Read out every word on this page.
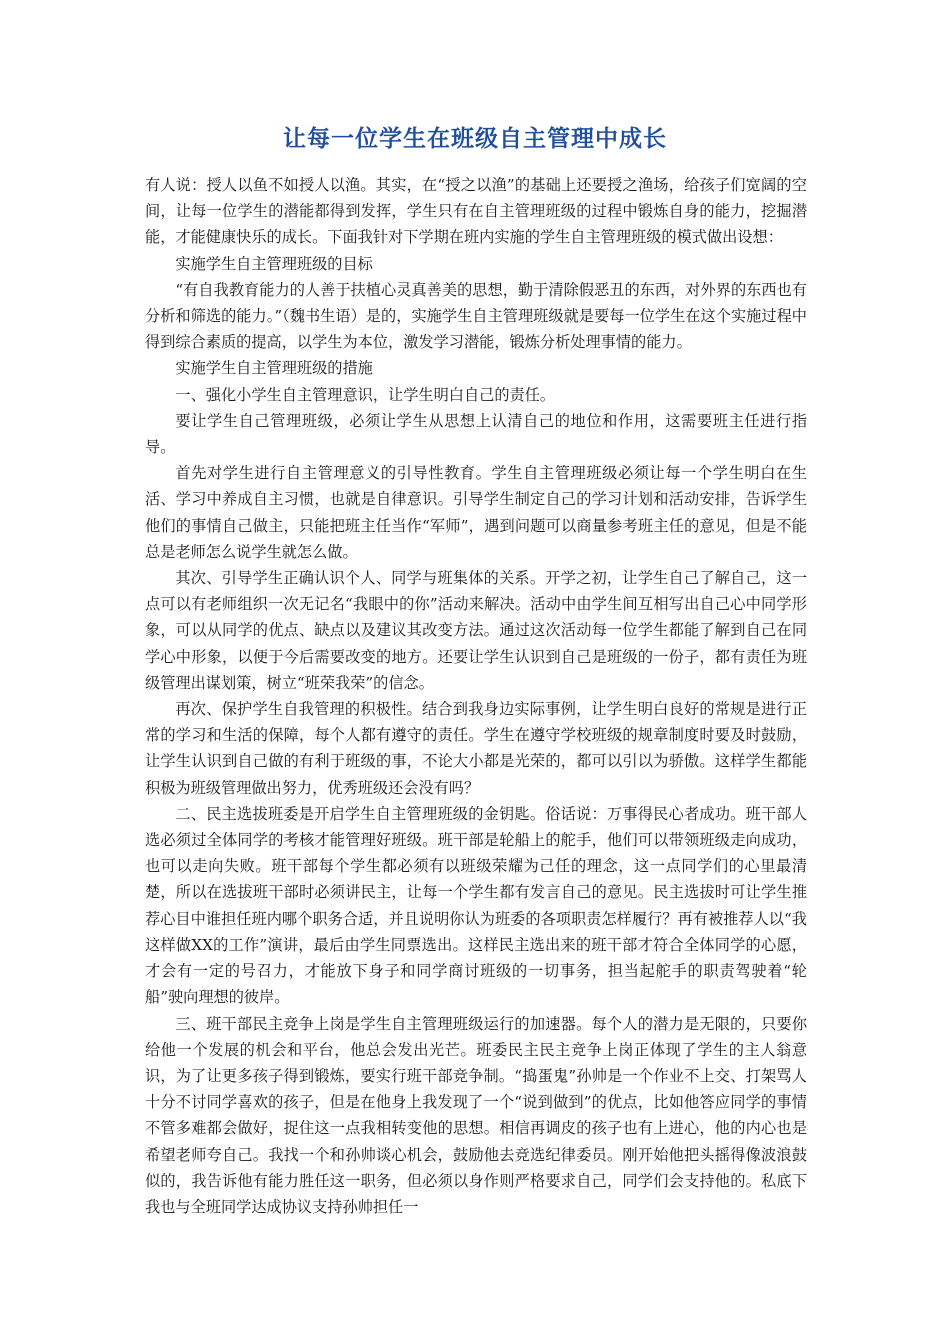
让每一位学生在班级自主管理中成长

有人说：授人以鱼不如授人以渔。其实，在“授之以渔”的基础上还要授之渔场，给孩子们宽阔的空间，让每一位学生的潜能都得到发挥，学生只有在自主管理班级的过程中锻炼自身的能力，挖掘潜能，才能健康快乐的成长。下面我针对下学期在班内实施的学生自主管理班级的模式做出设想：

实施学生自主管理班级的目标

“有自我教育能力的人善于扶植心灵真善美的思想，勤于清除假恶丑的东西，对外界的东西也有分析和筛选的能力。”（魏书生语）是的，实施学生自主管理班级就是要每一位学生在这个实施过程中得到综合素质的提高，以学生为本位，激发学习潜能，锻炼分析处理事情的能力。

实施学生自主管理班级的措施

一、强化小学生自主管理意识，让学生明白自己的责任。

要让学生自己管理班级，必须让学生从思想上认清自己的地位和作用，这需要班主任进行指导。

首先对学生进行自主管理意义的引导性教育。学生自主管理班级必须让每一个学生明白在生活、学习中养成自主习惯，也就是自律意识。引导学生制定自己的学习计划和活动安排，告诉学生他们的事情自己做主，只能把班主任当作“军师”，遇到问题可以商量参考班主任的意见，但是不能总是老师怎么说学生就怎么做。

其次、引导学生正确认识个人、同学与班集体的关系。开学之初，让学生自己了解自己，这一点可以有老师组织一次无记名“我眼中的你”活动来解决。活动中由学生间互相写出自己心中同学形象，可以从同学的优点、缺点以及建议其改变方法。通过这次活动每一位学生都能了解到自己在同学心中形象，以便于今后需要改变的地方。还要让学生认识到自己是班级的一份子，都有责任为班级管理出谋划策，树立“班荣我荣”的信念。

再次、保护学生自我管理的积极性。结合到我身边实际事例，让学生明白良好的常规是进行正常的学习和生活的保障，每个人都有遵守的责任。学生在遵守学校班级的规章制度时要及时鼓励，让学生认识到自己做的有利于班级的事，不论大小都是光荣的，都可以引以为骄傲。这样学生都能积极为班级管理做出努力，优秀班级还会没有吗？

二、民主选拔班委是开启学生自主管理班级的金钥匙。俗话说：万事得民心者成功。班干部人选必须过全体同学的考核才能管理好班级。班干部是轮船上的舵手，他们可以带领班级走向成功，也可以走向失败。班干部每个学生都必须有以班级荣耀为己任的理念，这一点同学们的心里最清楚，所以在选拔班干部时必须讲民主，让每一个学生都有发言自己的意见。民主选拔时可让学生推荐心目中谁担任班内哪个职务合适，并且说明你认为班委的各项职责怎样履行？再有被推荐人以“我这样做XX的工作”演讲，最后由学生同票选出。这样民主选出来的班干部才符合全体同学的心愿，才会有一定的号召力，才能放下身子和同学商讨班级的一切事务，担当起舵手的职责驾驶着“轮船”驶向理想的彼岸。

三、班干部民主竞争上岗是学生自主管理班级运行的加速器。每个人的潜力是无限的，只要你给他一个发展的机会和平台，他总会发出光芒。班委民主民主竞争上岗正体现了学生的主人翁意识，为了让更多孩子得到锻炼，要实行班干部竞争制。“捣蛋鬼”孙帅是一个作业不上交、打架骂人十分不讨同学喜欢的孩子，但是在他身上我发现了一个“说到做到”的优点，比如他答应同学的事情不管多难都会做好，捉住这一点我相转变他的思想。相信再调皮的孩子也有上进心，他的内心也是希望老师夸自己。我找一个和孙帅谈心机会，鼓励他去竞选纪律委员。刚开始他把头摇得像波浪鼓似的，我告诉他有能力胜任这一职务，但必须以身作则严格要求自己，同学们会支持他的。私底下我也与全班同学达成协议支持孙帅担任一
